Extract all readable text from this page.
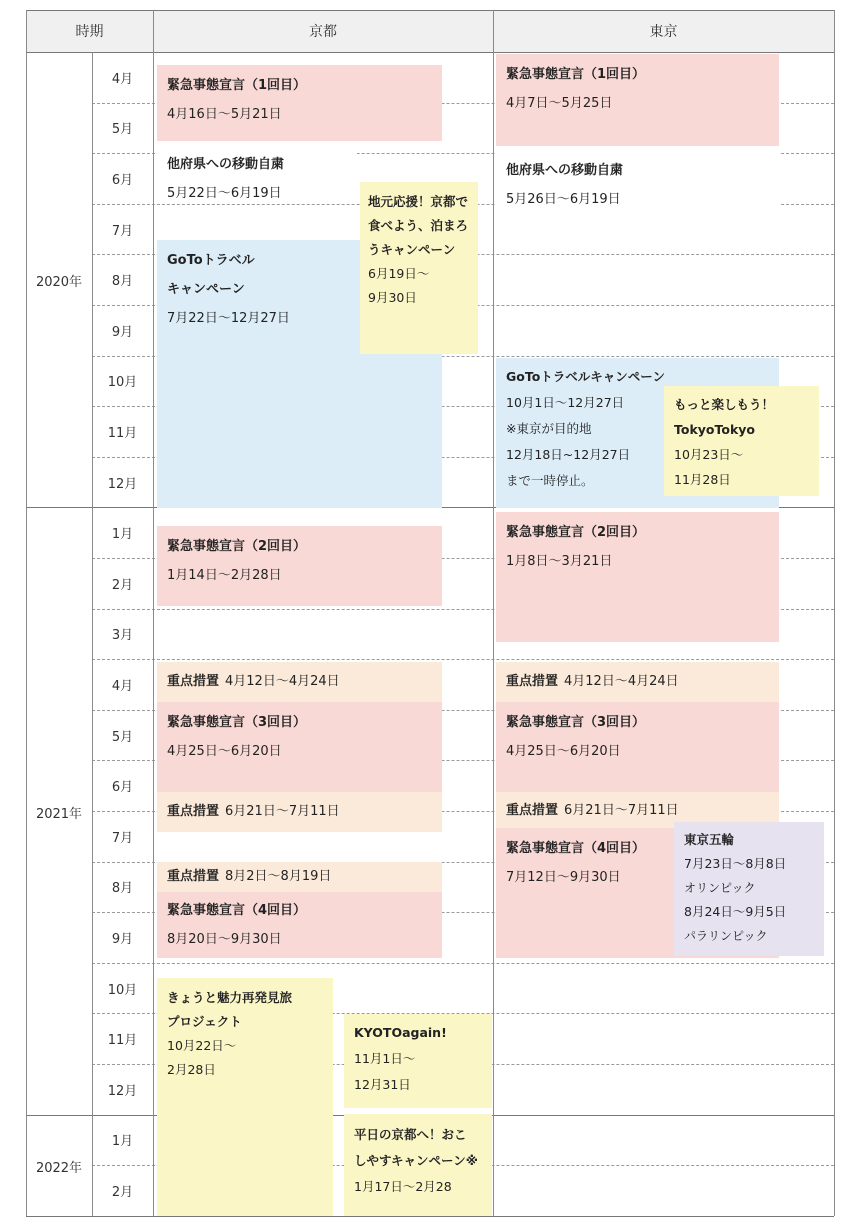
時期	京都	東京
2020年
2021年
2022年
4月
5月
6月
7月
8月
9月
10月
11月
12月
1月
2月
3月
4月
5月
6月
7月
8月
9月
10月
11月
12月
1月
2月
緊急事態宣言（1回目）
4月16日～5月21日
他府県への移動自粛
5月22日～6月19日
GoToトラベル
キャンペーン
7月22日～12月27日
地元応援！京都で食べよう、泊まろうキャンペーン
6月19日～
9月30日
緊急事態宣言（2回目）
1月14日～2月28日
重点措置 4月12日～4月24日
緊急事態宣言（3回目）
4月25日～6月20日
重点措置 6月21日～7月11日
重点措置 8月2日～8月19日
緊急事態宣言（4回目）
8月20日～9月30日
きょうと魅力再発見旅
プロジェクト
10月22日～
2月28日
KYOTOagain!
11月1日～
12月31日
平日の京都へ！おこ
しやすキャンペーン※
1月17日～2月28
緊急事態宣言（1回目）
4月7日～5月25日
他府県への移動自粛
5月26日～6月19日
GoToトラベルキャンペーン
10月1日～12月27日
※東京が目的地
12月18日~12月27日
まで一時停止。
もっと楽しもう！
TokyoTokyo
10月23日～
11月28日
緊急事態宣言（2回目）
1月8日～3月21日
重点措置 4月12日～4月24日
緊急事態宣言（3回目）
4月25日～6月20日
重点措置 6月21日～7月11日
緊急事態宣言（4回目）
7月12日～9月30日
東京五輪
7月23日～8月8日
オリンピック
8月24日～9月5日
パラリンピック
